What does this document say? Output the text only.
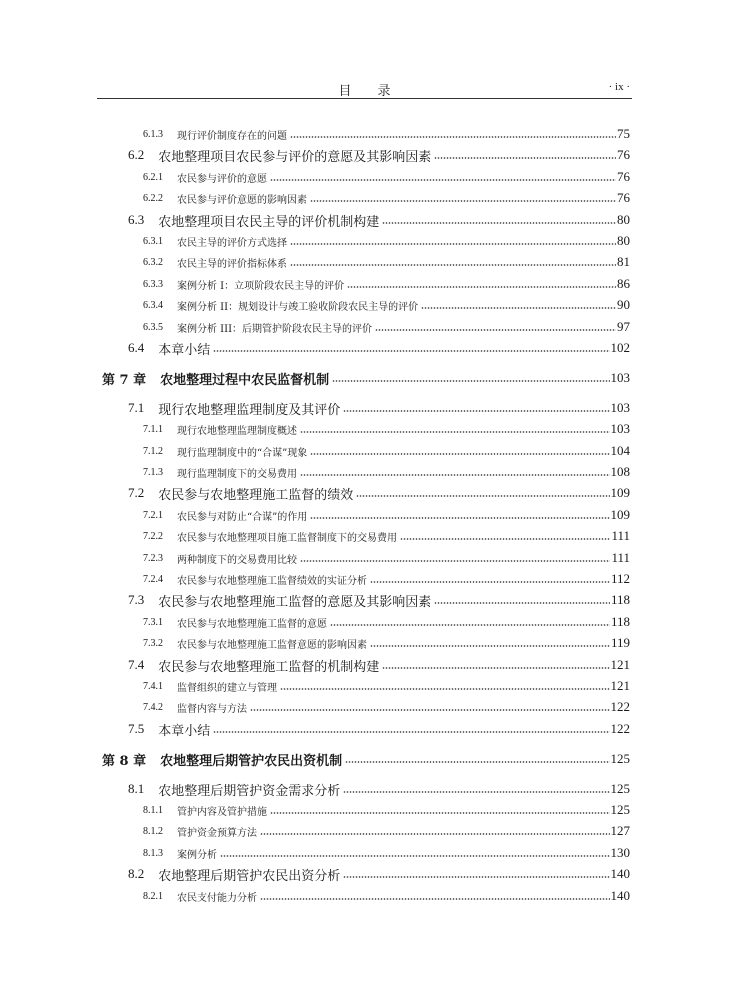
目录	· ix ·
6.1.3 现行评价制度存在的问题	75
6.2 农地整理项目农民参与评价的意愿及其影响因素	76
6.2.1 农民参与评价的意愿	76
6.2.2 农民参与评价意愿的影响因素	76
6.3 农地整理项目农民主导的评价机制构建	80
6.3.1 农民主导的评价方式选择	80
6.3.2 农民主导的评价指标体系	81
6.3.3 案例分析 I：立项阶段农民主导的评价	86
6.3.4 案例分析 II：规划设计与竣工验收阶段农民主导的评价	90
6.3.5 案例分析 III：后期管护阶段农民主导的评价	97
6.4 本章小结	102
第 7 章 农地整理过程中农民监督机制	103
7.1 现行农地整理监理制度及其评价	103
7.1.1 现行农地整理监理制度概述	103
7.1.2 现行监理制度中的“合谋”现象	104
7.1.3 现行监理制度下的交易费用	108
7.2 农民参与农地整理施工监督的绩效	109
7.2.1 农民参与对防止“合谋”的作用	109
7.2.2 农民参与农地整理项目施工监督制度下的交易费用	111
7.2.3 两种制度下的交易费用比较	111
7.2.4 农民参与农地整理施工监督绩效的实证分析	112
7.3 农民参与农地整理施工监督的意愿及其影响因素	118
7.3.1 农民参与农地整理施工监督的意愿	118
7.3.2 农民参与农地整理施工监督意愿的影响因素	119
7.4 农民参与农地整理施工监督的机制构建	121
7.4.1 监督组织的建立与管理	121
7.4.2 监督内容与方法	122
7.5 本章小结	122
第 8 章 农地整理后期管护农民出资机制	125
8.1 农地整理后期管护资金需求分析	125
8.1.1 管护内容及管护措施	125
8.1.2 管护资金预算方法	127
8.1.3 案例分析	130
8.2 农地整理后期管护农民出资分析	140
8.2.1 农民支付能力分析	140
